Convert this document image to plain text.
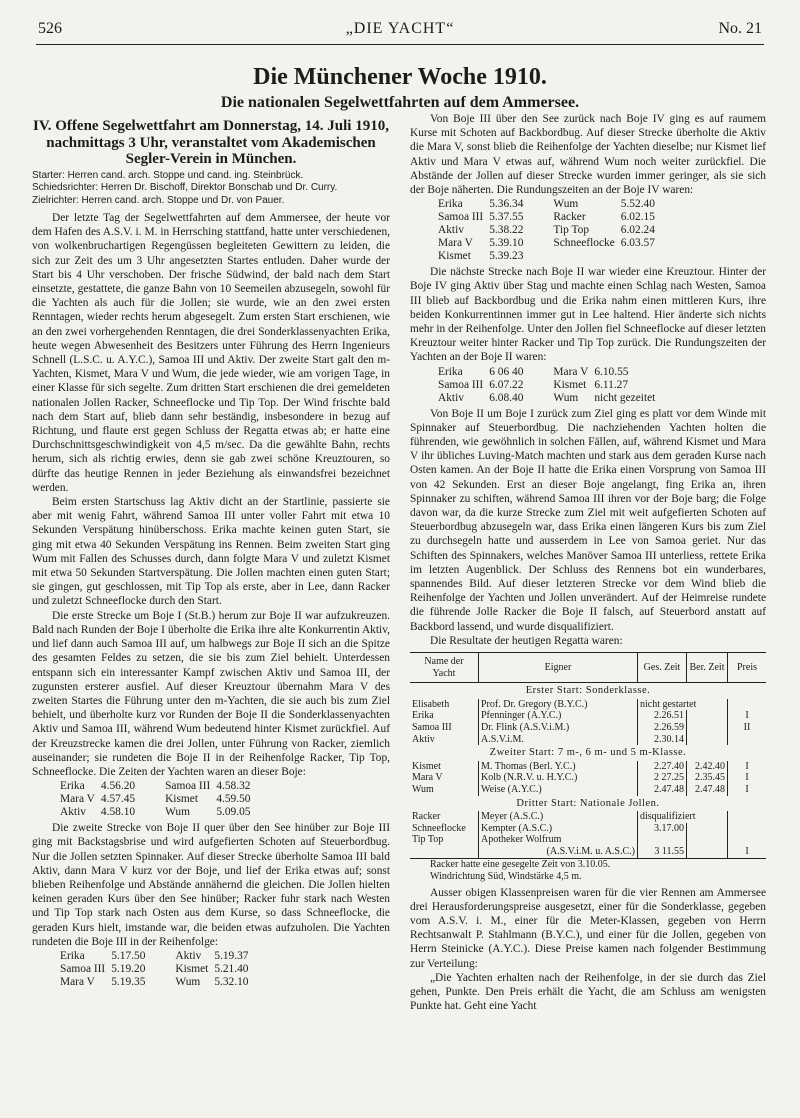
526	„DIE YACHT“	No. 21
Die Münchener Woche 1910.
Die nationalen Segelwettfahrten auf dem Ammersee.
IV. Offene Segelwettfahrt am Donnerstag, 14. Juli 1910, nachmittags 3 Uhr, veranstaltet vom Akademischen Segler-Verein in München.
Starter: Herren cand. arch. Stoppe und cand. ing. Steinbrück.
Schiedsrichter: Herren Dr. Bischoff, Direktor Bonschab und Dr. Curry.
Zielrichter: Herren cand. arch. Stoppe und Dr. von Pauer.

Der letzte Tag der Segelwettfahrten auf dem Ammersee, der heute vor dem Hafen des A.S.V. i. M. in Herrsching stattfand, hatte unter verschiedenen, von wolkenbruchartigen Regengüssen begleiteten Gewittern zu leiden, die sich zur Zeit des um 3 Uhr angesetzten Startes entluden. Daher wurde der Start bis 4 Uhr verschoben. Der frische Südwind, der bald nach dem Start einsetzte, gestattete, die ganze Bahn von 10 Seemeilen abzusegeln, sowohl für die Yachten als auch für die Jollen; sie wurde, wie an den zwei ersten Renntagen, wieder rechts herum abgesegelt. Zum ersten Start erschienen, wie an den zwei vorhergehenden Renntagen, die drei Sonderklassenyachten Erika, heute wegen Abwesenheit des Besitzers unter Führung des Herrn Ingenieurs Schnell (L.S.C. u. A.Y.C.), Samoa III und Aktiv. Der zweite Start galt den m-Yachten, Kismet, Mara V und Wum, die jede wieder, wie am vorigen Tage, in einer Klasse für sich segelte. Zum dritten Start erschienen die drei gemeldeten nationalen Jollen Racker, Schneeflocke und Tip Top. Der Wind frischte bald nach dem Start auf, blieb dann sehr beständig, insbesondere in bezug auf Richtung, und flaute erst gegen Schluss der Regatta etwas ab; er hatte eine Durchschnittsgeschwindigkeit von 4,5 m/sec. Da die gewählte Bahn, rechts herum, sich als richtig erwies, denn sie gab zwei schöne Kreuztouren, so dürfte das heutige Rennen in jeder Beziehung als einwandsfrei bezeichnet werden.

Beim ersten Startschuss lag Aktiv dicht an der Startlinie, passierte sie aber mit wenig Fahrt, während Samoa III unter voller Fahrt mit etwa 10 Sekunden Verspätung hinüberschoss. Erika machte keinen guten Start, sie ging mit etwa 40 Sekunden Verspätung ins Rennen. Beim zweiten Start ging Wum mit Fallen des Schusses durch, dann folgte Mara V und zuletzt Kismet mit etwa 50 Sekunden Startverspätung. Die Jollen machten einen guten Start; sie gingen, gut geschlossen, mit Tip Top als erste, aber in Lee, dann Racker und zuletzt Schneeflocke durch den Start.

Die erste Strecke um Boje I (St.B.) herum zur Boje II war aufzukreuzen. Bald nach Runden der Boje I überholte die Erika ihre alte Konkurrentin Aktiv, und lief dann auch Samoa III auf, um halbwegs zur Boje II sich an die Spitze des gesamten Feldes zu setzen, die sie bis zum Ziel behielt. Unterdessen entspann sich ein interessanter Kampf zwischen Aktiv und Samoa III, der zugunsten ersterer ausfiel. Auf dieser Kreuztour übernahm Mara V des zweiten Startes die Führung unter den m-Yachten, die sie auch bis zum Ziel behielt, und überholte kurz vor Runden der Boje II die Sonderklassenyachten Aktiv und Samoa III, während Wum bedeutend hinter Kismet zurückfiel. Auf der Kreuzstrecke kamen die drei Jollen, unter Führung von Racker, ziemlich auseinander; sie rundeten die Boje II in der Reihenfolge Racker, Tip Top, Schneeflocke. Die Zeiten der Yachten waren an dieser Boje:

Erika	4.56.20	Samoa III	4.58.32
Mara V	4.57.45	Kismet	4.59.50
Aktiv	4.58.10	Wum	5.09.05

Die zweite Strecke von Boje II quer über den See hinüber zur Boje III ging mit Backstagsbrise und wird aufgefierten Schoten auf Steuerbordbug. Nur die Jollen setzten Spinnaker. Auf dieser Strecke überholte Samoa III bald Aktiv, dann Mara V kurz vor der Boje, und lief der Erika etwas auf; sonst blieben Reihenfolge und Abstände annähernd die gleichen. Die Jollen hielten keinen geraden Kurs über den See hinüber; Racker fuhr stark nach Westen und Tip Top stark nach Osten aus dem Kurse, so dass Schneeflocke, die geraden Kurs hielt, imstande war, die beiden etwas aufzuholen. Die Yachten rundeten die Boje III in der Reihenfolge:

Erika	5.17.50	Aktiv	5.19.37
Samoa III	5.19.20	Kismet	5.21.40
Mara V	5.19.35	Wum	5.32.10

Von Boje III über den See zurück nach Boje IV ging es auf raumem Kurse mit Schoten auf Backbordbug. Auf dieser Strecke überholte die Aktiv die Mara V, sonst blieb die Reihenfolge der Yachten dieselbe; nur Kismet lief Aktiv und Mara V etwas auf, während Wum noch weiter zurückfiel. Die Abstände der Jollen auf dieser Strecke wurden immer geringer, als sie sich der Boje näherten. Die Rundungszeiten an der Boje IV waren:

Erika	5.36.34	Wum	5.52.40
Samoa III	5.37.55	Racker	6.02.15
Aktiv	5.38.22	Tip Top	6.02.24
Mara V	5.39.10	Schneeflocke	6.03.57
Kismet	5.39.23		

Die nächste Strecke nach Boje II war wieder eine Kreuztour. Hinter der Boje IV ging Aktiv über Stag und machte einen Schlag nach Westen, Samoa III blieb auf Backbordbug und die Erika nahm einen mittleren Kurs, ihre beiden Konkurrentinnen immer gut in Lee haltend. Hier änderte sich nichts mehr in der Reihenfolge. Unter den Jollen fiel Schneeflocke auf dieser letzten Kreuztour weiter hinter Racker und Tip Top zurück. Die Rundungszeiten der Yachten an der Boje II waren:

Erika	6 06 40	Mara V	6.10.55
Samoa III	6.07.22	Kismet	6.11.27
Aktiv	6.08.40	Wum	nicht gezeitet

Von Boje II um Boje I zurück zum Ziel ging es platt vor dem Winde mit Spinnaker auf Steuerbordbug. Die nachziehenden Yachten holten die führenden, wie gewöhnlich in solchen Fällen, auf, während Kismet und Mara V ihr übliches Luving-Match machten und stark aus dem geraden Kurse nach Osten kamen. An der Boje II hatte die Erika einen Vorsprung von Samoa III von 42 Sekunden. Erst an dieser Boje angelangt, fing Erika an, ihren Spinnaker zu schiften, während Samoa III ihren vor der Boje barg; die Folge davon war, da die kurze Strecke zum Ziel mit weit aufgefierten Schoten auf Steuerbordbug abzusegeln war, dass Erika einen längeren Kurs bis zum Ziel zu durchsegeln hatte und ausserdem in Lee von Samoa geriet. Nur das Schiften des Spinnakers, welches Manöver Samoa III unterliess, rettete Erika im letzten Augenblick. Der Schluss des Rennens bot ein wunderbares, spannendes Bild. Auf dieser letzteren Strecke vor dem Wind blieb die Reihenfolge der Yachten und Jollen unverändert. Auf der Heimreise rundete die führende Jolle Racker die Boje II falsch, auf Steuerbord anstatt auf Backbord lassend, und wurde disqualifiziert.

Die Resultate der heutigen Regatta waren:

Name der Yacht	Eigner	Ges. Zeit	Ber. Zeit	Preis
Erster Start: Sonderklasse.				
Elisabeth	Prof. Dr. Gregory (B.Y.C.)	nicht gestartet		
Erika	Pfenninger (A.Y.C.)	2.26.51		I
Samoa III	Dr. Flink (A.S.V.i.M.)	2.26.59		II
Aktiv	A.S.V.i.M.	2.30.14		
Zweiter Start: 7 m-, 6 m- und 5 m-Klasse.				
Kismet	M. Thomas (Berl. Y.C.)	2.27.40	2.42.40	I
Mara V	Kolb (N.R.V. u. H.Y.C.)	2 27.25	2.35.45	I
Wum	Weise (A.Y.C.)	2.47.48	2.47.48	I
Dritter Start: Nationale Jollen.				
Racker	Meyer (A.S.C.)	disqualifiziert		
Schneeflocke	Kempter (A.S.C.)	3.17.00		
Tip Top	Apotheker Wolfrum			
	(A.S.V.i.M. u. A.S.C.)	3 11.55		I
Racker hatte eine gesegelte Zeit von 3.10.05.
Windrichtung Süd, Windstärke 4,5 m.

Ausser obigen Klassenpreisen waren für die vier Rennen am Ammersee drei Herausforderungspreise ausgesetzt, einer für die Sonderklasse, gegeben vom A.S.V. i. M., einer für die Meter-Klassen, gegeben von Herrn Rechtsanwalt P. Stahlmann (B.Y.C.), und einer für die Jollen, gegeben von Herrn Steinicke (A.Y.C.). Diese Preise kamen nach folgender Bestimmung zur Verteilung:

„Die Yachten erhalten nach der Reihenfolge, in der sie durch das Ziel gehen, Punkte. Den Preis erhält die Yacht, die am Schluss am wenigsten Punkte hat. Geht eine Yacht
